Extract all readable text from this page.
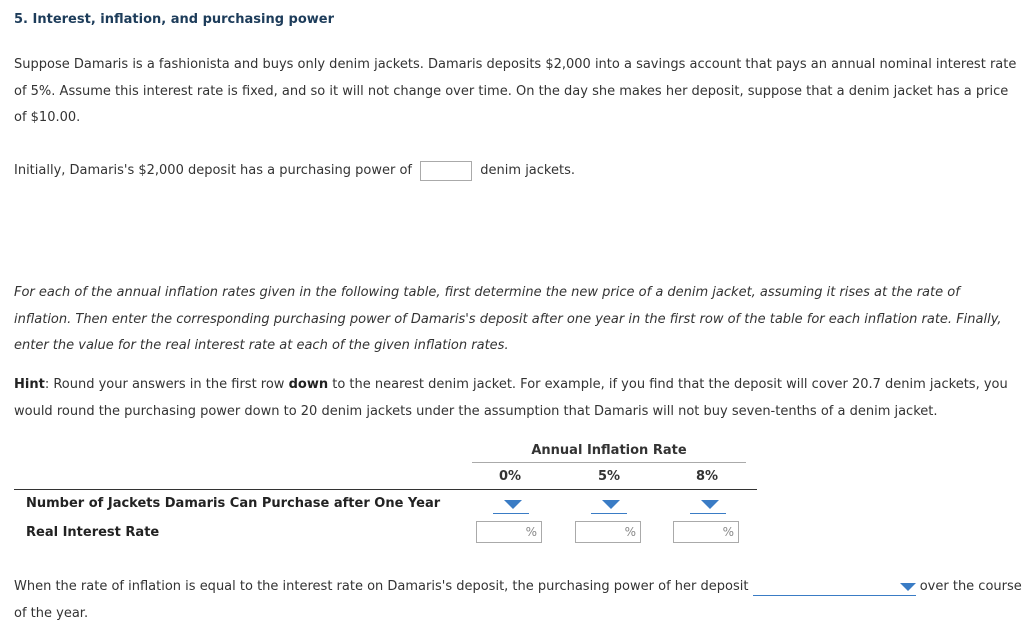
5. Interest, inflation, and purchasing power
Suppose Damaris is a fashionista and buys only denim jackets. Damaris deposits $2,000 into a savings account that pays an annual nominal interest rate of 5%. Assume this interest rate is fixed, and so it will not change over time. On the day she makes her deposit, suppose that a denim jacket has a price of $10.00.
Initially, Damaris's $2,000 deposit has a purchasing power of	denim jackets.
For each of the annual inflation rates given in the following table, first determine the new price of a denim jacket, assuming it rises at the rate of inflation. Then enter the corresponding purchasing power of Damaris's deposit after one year in the first row of the table for each inflation rate. Finally, enter the value for the real interest rate at each of the given inflation rates.
Hint: Round your answers in the first row down to the nearest denim jacket. For example, if you find that the deposit will cover 20.7 denim jackets, you would round the purchasing power down to 20 denim jackets under the assumption that Damaris will not buy seven-tenths of a denim jacket.
Annual Inflation Rate
0%	5%	8%
Number of Jackets Damaris Can Purchase after One Year
Real Interest Rate	%	%	%
When the rate of inflation is equal to the interest rate on Damaris's deposit, the purchasing power of her deposit	over the course of the year.
